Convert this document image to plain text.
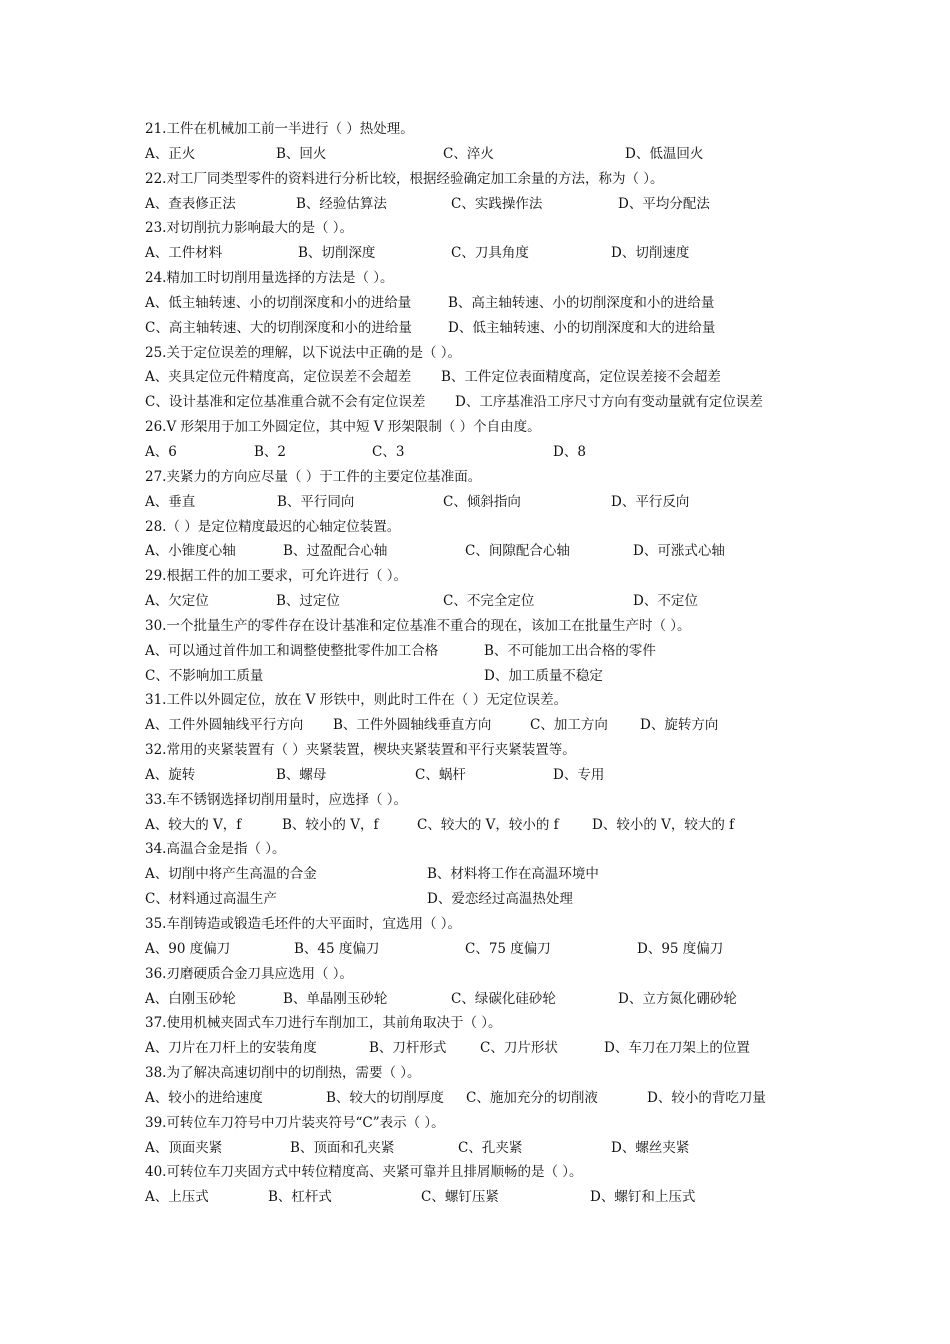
21.工件在机械加工前一半进行（ ）热处理。
A、正火	B、回火	C、淬火	D、低温回火
22.对工厂同类型零件的资料进行分析比较，根据经验确定加工余量的方法，称为（ ）。
A、查表修正法	B、经验估算法	C、实践操作法	D、平均分配法
23.对切削抗力影响最大的是（ ）。
A、工件材料	B、切削深度	C、刀具角度	D、切削速度
24.精加工时切削用量选择的方法是（ ）。
A、低主轴转速、小的切削深度和小的进给量	B、高主轴转速、小的切削深度和小的进给量
C、高主轴转速、大的切削深度和小的进给量	D、低主轴转速、小的切削深度和大的进给量
25.关于定位误差的理解，以下说法中正确的是（ ）。
A、夹具定位元件精度高，定位误差不会超差 B、工件定位表面精度高，定位误差接不会超差
C、设计基准和定位基准重合就不会有定位误差 D、工序基准沿工序尺寸方向有变动量就有定位误差
26.V 形架用于加工外圆定位，其中短 V 形架限制（ ）个自由度。
A、6	B、2	C、3	D、8
27.夹紧力的方向应尽量（ ）于工件的主要定位基准面。
A、垂直	B、平行同向	C、倾斜指向	D、平行反向
28.（ ）是定位精度最迟的心轴定位装置。
A、小锥度心轴	B、过盈配合心轴	C、间隙配合心轴	D、可涨式心轴
29.根据工件的加工要求，可允许进行（ ）。
A、欠定位	B、过定位	C、不完全定位	D、不定位
30.一个批量生产的零件存在设计基准和定位基准不重合的现在，该加工在批量生产时（ ）。
A、可以通过首件加工和调整使整批零件加工合格	B、不可能加工出合格的零件
C、不影响加工质量	D、加工质量不稳定
31.工件以外圆定位，放在 V 形铁中，则此时工件在（ ）无定位误差。
A、工件外圆轴线平行方向 B、工件外圆轴线垂直方向	C、加工方向 D、旋转方向
32.常用的夹紧装置有（ ）夹紧装置，楔块夹紧装置和平行夹紧装置等。
A、旋转	B、螺母	C、蜗杆	D、专用
33.车不锈钢选择切削用量时，应选择（ ）。
A、较大的 V，f	B、较小的 V，f	C、较大的 V，较小的 f D、较小的 V，较大的 f
34.高温合金是指（ ）。
A、切削中将产生高温的合金	B、材料将工作在高温环境中
C、材料通过高温生产	D、爱恋经过高温热处理
35.车削铸造或锻造毛坯件的大平面时，宜选用（ ）。
A、90 度偏刀	B、45 度偏刀	C、75 度偏刀	D、95 度偏刀
36.刃磨硬质合金刀具应选用（ ）。
A、白刚玉砂轮	B、单晶刚玉砂轮	C、绿碳化硅砂轮	D、立方氮化硼砂轮
37.使用机械夹固式车刀进行车削加工，其前角取决于（ ）。
A、刀片在刀杆上的安装角度	B、刀杆形式 C、刀片形状	D、车刀在刀架上的位置
38.为了解决高速切削中的切削热，需要（ ）。
A、较小的进给速度	B、较大的切削厚度 C、施加充分的切削液	D、较小的背吃刀量
39.可转位车刀符号中刀片装夹符号“C”表示（ ）。
A、顶面夹紧	B、顶面和孔夹紧	C、孔夹紧	D、螺丝夹紧
40.可转位车刀夹固方式中转位精度高、夹紧可靠并且排屑顺畅的是（ ）。
A、上压式	B、杠杆式	C、螺钉压紧	D、螺钉和上压式
